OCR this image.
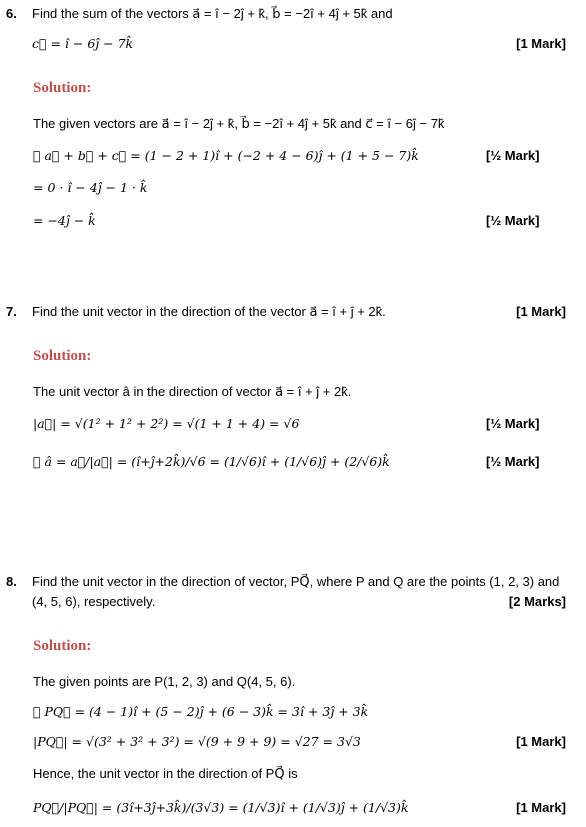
6. Find the sum of the vectors a⃗ = î − 2ĵ + k̂, b⃗ = −2î + 4ĵ + 5k̂ and
c⃗ = î − 6ĵ − 7k̂	[1 Mark]
Solution:
The given vectors are a⃗ = î − 2ĵ + k̂, b⃗ = −2î + 4ĵ + 5k̂ and c⃗ = î − 6ĵ − 7k̂
∴ a⃗ + b⃗ + c⃗ = (1 − 2 + 1)î + (−2 + 4 − 6)ĵ + (1 + 5 − 7)k̂	[½ Mark]
= 0 · î − 4ĵ − 1 · k̂
= −4ĵ − k̂	[½ Mark]
7. Find the unit vector in the direction of the vector a⃗ = î + ĵ + 2k̂.	[1 Mark]
Solution:
The unit vector â in the direction of vector a⃗ = î + ĵ + 2k̂.
|a⃗| = √(1² + 1² + 2²) = √(1 + 1 + 4) = √6	[½ Mark]
∴ â = a⃗/|a⃗| = (î+ĵ+2k̂)/√6 = (1/√6)î + (1/√6)ĵ + (2/√6)k̂	[½ Mark]
8. Find the unit vector in the direction of vector, PQ⃗, where P and Q are the points (1, 2, 3) and
(4, 5, 6), respectively.	[2 Marks]
Solution:
The given points are P(1, 2, 3) and Q(4, 5, 6).
∴ PQ⃗ = (4 − 1)î + (5 − 2)ĵ + (6 − 3)k̂ = 3î + 3ĵ + 3k̂
|PQ⃗| = √(3² + 3² + 3²) = √(9 + 9 + 9) = √27 = 3√3	[1 Mark]
Hence, the unit vector in the direction of PQ⃗ is
PQ⃗/|PQ⃗| = (3î+3ĵ+3k̂)/(3√3) = (1/√3)î + (1/√3)ĵ + (1/√3)k̂	[1 Mark]
